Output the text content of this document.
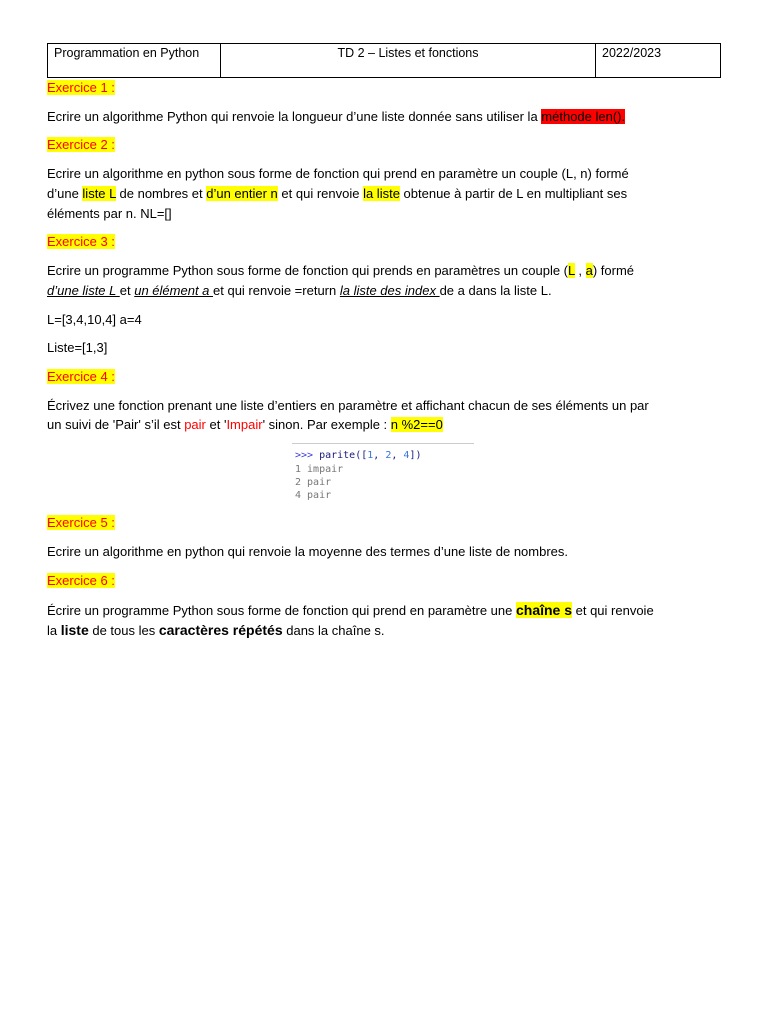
Programmation en Python	TD 2 – Listes et fonctions	2022/2023
Exercice 1 :
Ecrire un algorithme Python qui renvoie la longueur d’une liste donnée sans utiliser la méthode len().
Exercice 2 :
Ecrire un algorithme en python sous forme de fonction qui prend en paramètre un couple (L, n) formé
d’une liste L de nombres et d’un entier n et qui renvoie la liste obtenue à partir de L en multipliant ses
éléments par n. NL=[]
Exercice 3 :
Ecrire un programme Python sous forme de fonction qui prends en paramètres un couple (L , a) formé
d’une liste L et un élément a et qui renvoie =return la liste des index de a dans la liste L.
L=[3,4,10,4] a=4
Liste=[1,3]
Exercice 4 :
Écrivez une fonction prenant une liste d’entiers en paramètre et affichant chacun de ses éléments un par
un suivi de 'Pair' s’il est pair et 'Impair' sinon. Par exemple : n %2==0
>>> parite([1, 2, 4])
1 impair
2 pair
4 pair
Exercice 5 :
Ecrire un algorithme en python qui renvoie la moyenne des termes d’une liste de nombres.
Exercice 6 :
Écrire un programme Python sous forme de fonction qui prend en paramètre une chaîne s et qui renvoie
la liste de tous les caractères répétés dans la chaîne s.
